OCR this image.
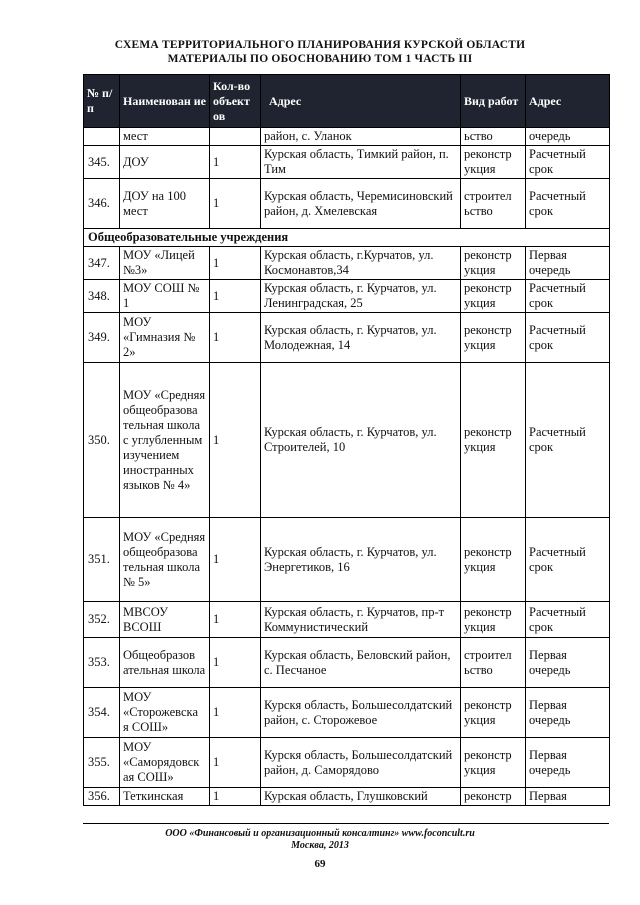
СХЕМА ТЕРРИТОРИАЛЬНОГО ПЛАНИРОВАНИЯ КУРСКОЙ ОБЛАСТИ
МАТЕРИАЛЫ ПО ОБОСНОВАНИЮ ТОМ 1 ЧАСТЬ III
№ п/п	Наименован ие	Кол-во объект ов	Адрес	Вид работ	Адрес
	мест		район, с. Уланок	ьство	очередь
345.	ДОУ	1	Курская область, Тимкий район, п. Тим	реконстр укция	Расчетный срок
346.	ДОУ на 100 мест	1	Курская область, Черемисиновский район, д. Хмелевская	строител ьство	Расчетный срок
Общеобразовательные учреждения					
347.	МОУ «Лицей №3»	1	Курская область, г.Курчатов, ул. Космонавтов,34	реконстр укция	Первая очередь
348.	МОУ СОШ № 1	1	Курская область, г. Курчатов, ул. Ленинградская, 25	реконстр укция	Расчетный срок
349.	МОУ «Гимназия № 2»	1	Курская область, г. Курчатов, ул. Молодежная, 14	реконстр укция	Расчетный срок
350.	МОУ «Средняя общеобразова тельная школа с углубленным изучением иностранных языков № 4»	1	Курская область, г. Курчатов, ул. Строителей, 10	реконстр укция	Расчетный срок
351.	МОУ «Средняя общеобразова тельная школа № 5»	1	Курская область, г. Курчатов, ул. Энергетиков, 16	реконстр укция	Расчетный срок
352.	МВСОУ ВСОШ	1	Курская область, г. Курчатов, пр-т Коммунистический	реконстр укция	Расчетный срок
353.	Общеобразов ательная школа	1	Курская область, Беловский район, с. Песчаное	строител ьство	Первая очередь
354.	МОУ «Сторожевска я СОШ»	1	Курскя область, Большесолдатский район, с. Сторожевое	реконстр укция	Первая очередь
355.	МОУ «Саморядовск ая СОШ»	1	Курскя область, Большесолдатский район, д. Саморядово	реконстр укция	Первая очередь
356.	Теткинская	1	Курская область, Глушковский	реконстр	Первая
ООО «Финансовый и организационный консалтинг» www.foconcult.ru
Москва, 2013
69
